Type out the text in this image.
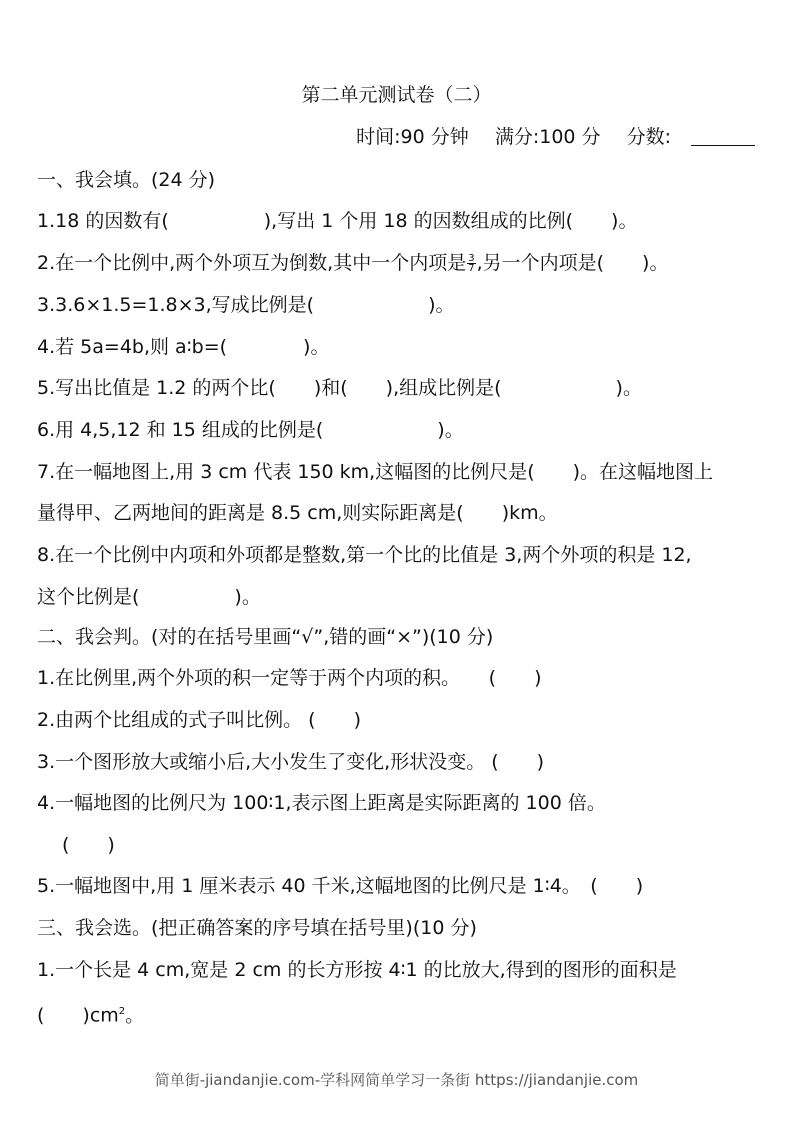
第二单元测试卷（二）
时间:90 分钟 满分:100 分 分数:
一、我会填。(24 分)
1.18 的因数有(　　　　　),写出 1 个用 18 的因数组成的比例(　　)。
2.在一个比例中,两个外项互为倒数,其中一个内项是 $\frac{3}{7}$ ,另一个内项是(　　)。
3.3.6×1.5=1.8×3,写成比例是(　　　　　　)。
4.若 5a=4b,则 a∶b=(　　　　)。
5.写出比值是 1.2 的两个比(　　)和(　　),组成比例是(　　　　　　)。
6.用 4,5,12 和 15 组成的比例是(　　　　　　)。
7.在一幅地图上,用 3 cm 代表 150 km,这幅图的比例尺是(　　)。在这幅地图上
量得甲、乙两地间的距离是 8.5 cm,则实际距离是(　　)km。
8.在一个比例中内项和外项都是整数,第一个比的比值是 3,两个外项的积是 12,
这个比例是(　　　　　)。
二、我会判。(对的在括号里画“√”,错的画“×”)(10 分)
1.在比例里,两个外项的积一定等于两个内项的积。　　(　　)
2.由两个比组成的式子叫比例。 (　　)
3.一个图形放大或缩小后,大小发生了变化,形状没变。 (　　)
4.一幅地图的比例尺为 100∶1,表示图上距离是实际距离的 100 倍。
(　　)
5.一幅地图中,用 1 厘米表示 40 千米,这幅地图的比例尺是 1∶4。　(　　)
三、我会选。(把正确答案的序号填在括号里)(10 分)
1.一个长是 4 cm,宽是 2 cm 的长方形按 4∶1 的比放大,得到的图形的面积是
(　　)$cm^2$。
简单街-jiandanjie.com-学科网简单学习一条街 https://jiandanjie.com
